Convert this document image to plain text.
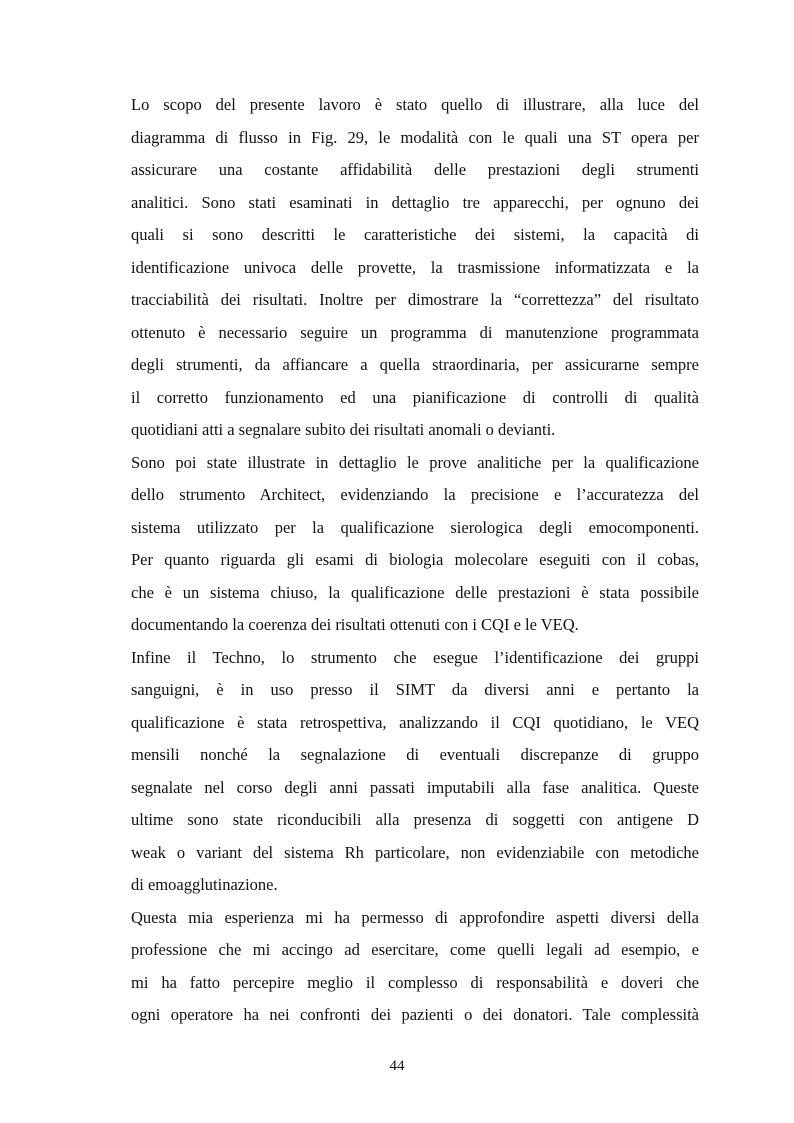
Lo scopo del presente lavoro è stato quello di illustrare, alla luce del
diagramma di flusso in Fig. 29, le modalità con le quali una ST opera per
assicurare una costante affidabilità delle prestazioni degli strumenti
analitici. Sono stati esaminati in dettaglio tre apparecchi, per ognuno dei
quali si sono descritti le caratteristiche dei sistemi, la capacità di
identificazione univoca delle provette, la trasmissione informatizzata e la
tracciabilità dei risultati. Inoltre per dimostrare la “correttezza” del risultato
ottenuto è necessario seguire un programma di manutenzione programmata
degli strumenti, da affiancare a quella straordinaria, per assicurarne sempre
il corretto funzionamento ed una pianificazione di controlli di qualità
quotidiani atti a segnalare subito dei risultati anomali o devianti.
Sono poi state illustrate in dettaglio le prove analitiche per la qualificazione
dello strumento Architect, evidenziando la precisione e l’accuratezza del
sistema utilizzato per la qualificazione sierologica degli emocomponenti.
Per quanto riguarda gli esami di biologia molecolare eseguiti con il cobas,
che è un sistema chiuso, la qualificazione delle prestazioni è stata possibile
documentando la coerenza dei risultati ottenuti con i CQI e le VEQ.
Infine il Techno, lo strumento che esegue l’identificazione dei gruppi
sanguigni, è in uso presso il SIMT da diversi anni e pertanto la
qualificazione è stata retrospettiva, analizzando il CQI quotidiano, le VEQ
mensili nonché la segnalazione di eventuali discrepanze di gruppo
segnalate nel corso degli anni passati imputabili alla fase analitica. Queste
ultime sono state riconducibili alla presenza di soggetti con antigene D
weak o variant del sistema Rh particolare, non evidenziabile con metodiche
di emoagglutinazione.
Questa mia esperienza mi ha permesso di approfondire aspetti diversi della
professione che mi accingo ad esercitare, come quelli legali ad esempio, e
mi ha fatto percepire meglio il complesso di responsabilità e doveri che
ogni operatore ha nei confronti dei pazienti o dei donatori. Tale complessità
44
